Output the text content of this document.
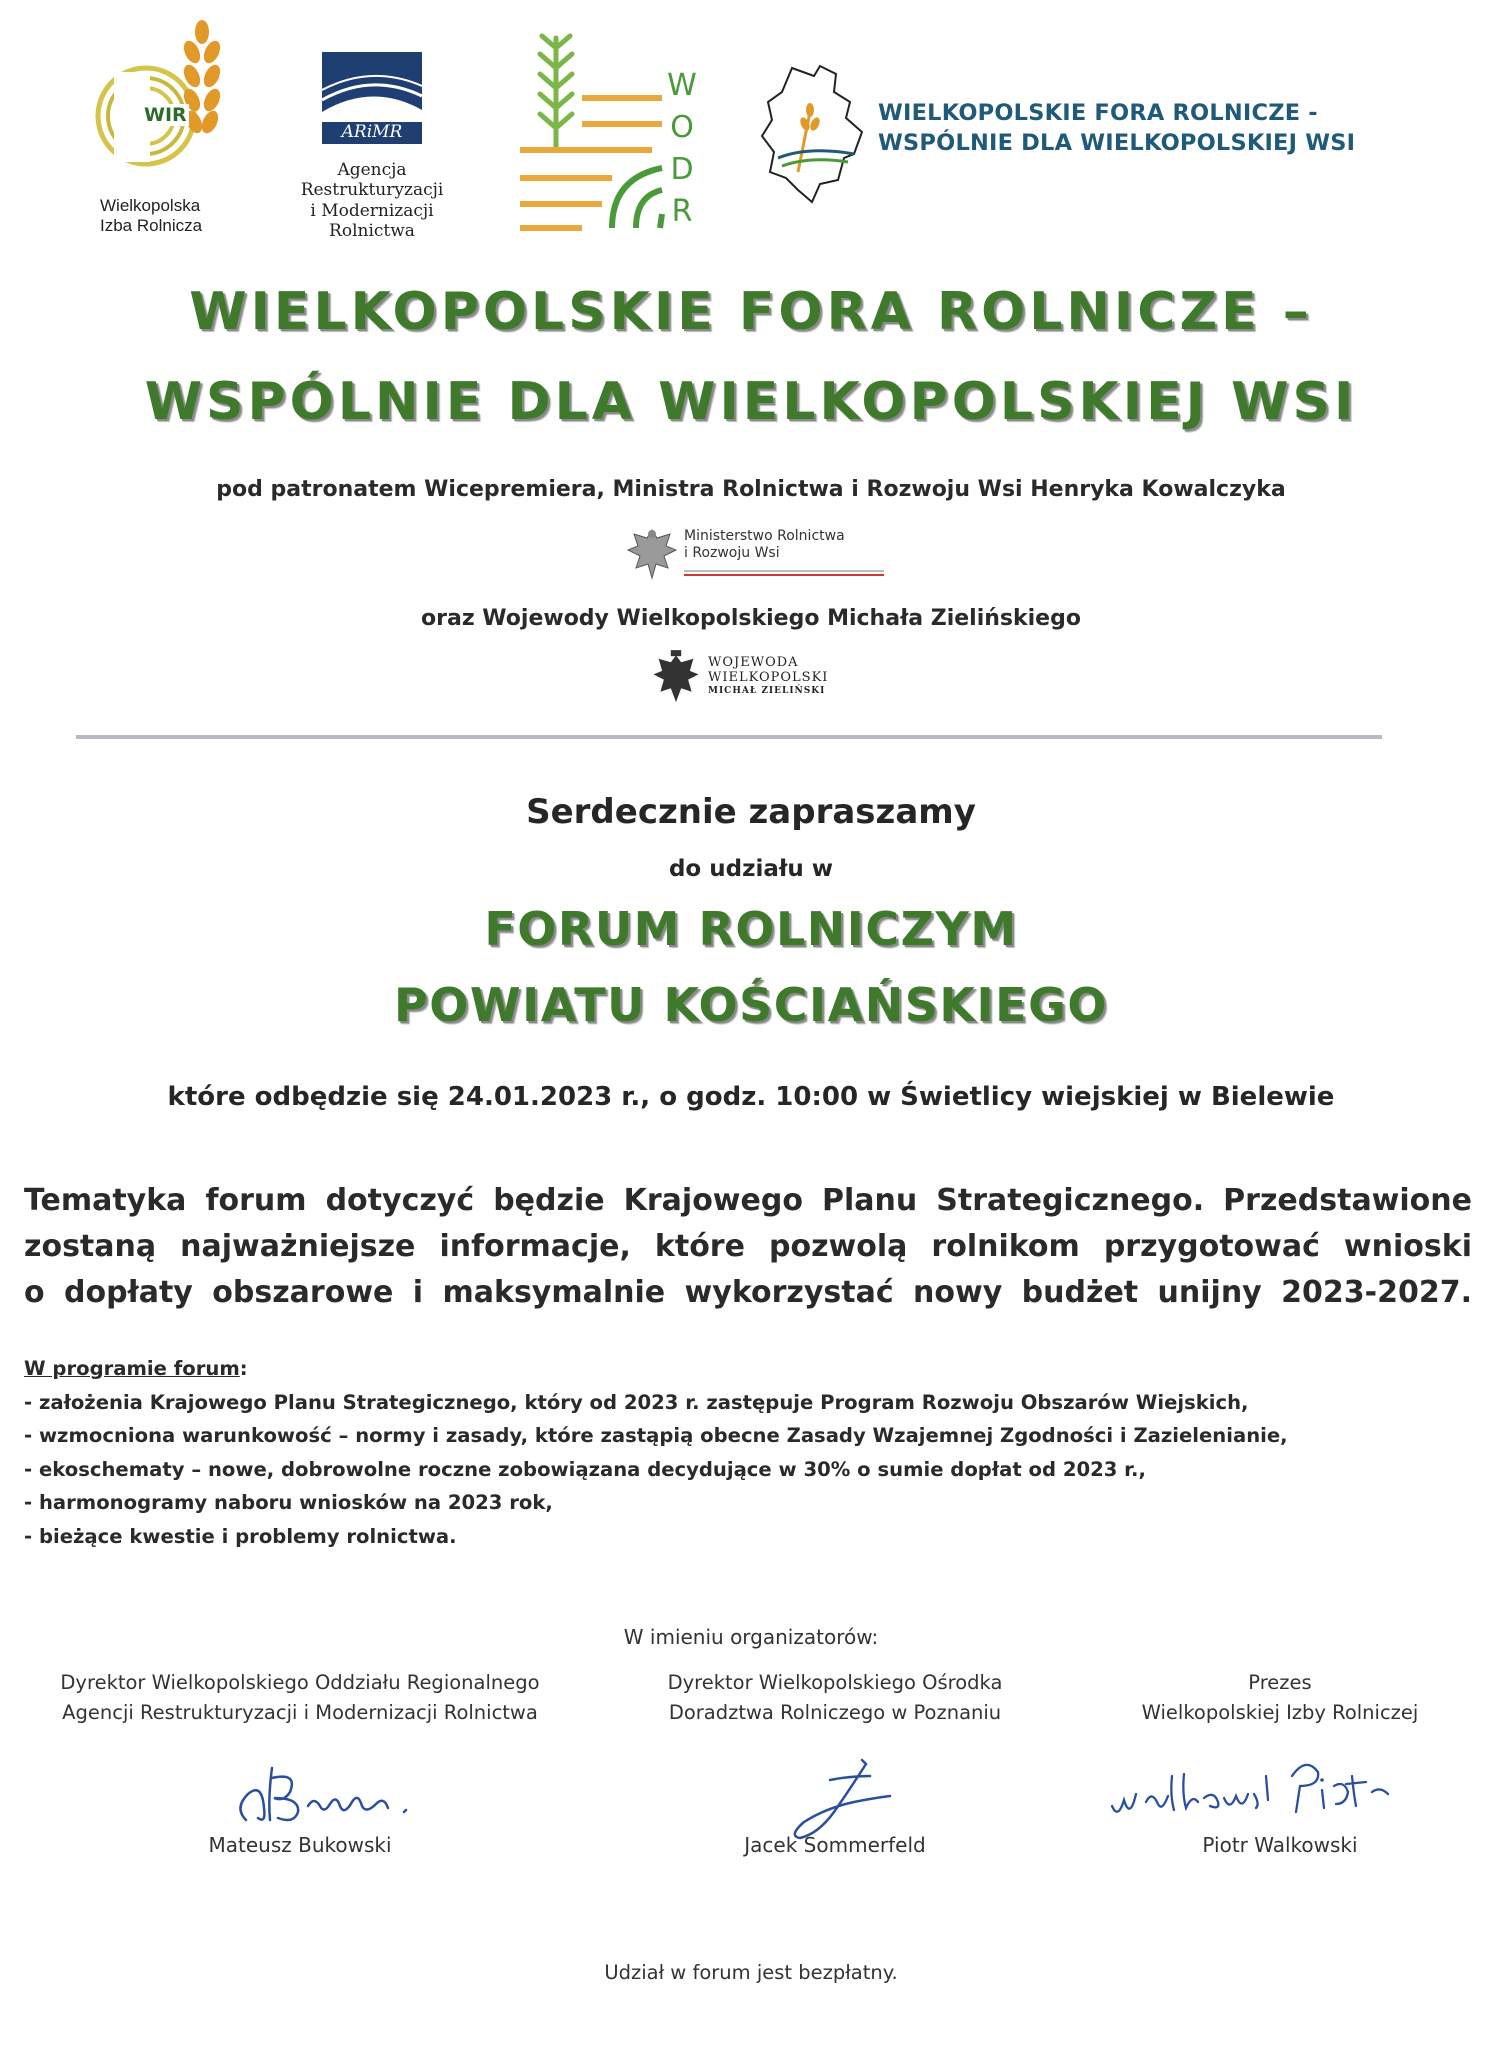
WIR
Wielkopolska
Izba Rolnicza
ARiMR
Agencja Restrukturyzacji
i Modernizacji Rolnictwa
W
O
D
R
WIELKOPOLSKIE FORA ROLNICZE -
WSPÓLNIE DLA WIELKOPOLSKIEJ WSI
WIELKOPOLSKIE FORA ROLNICZE –
WSPÓLNIE DLA WIELKOPOLSKIEJ WSI
pod patronatem Wicepremiera, Ministra Rolnictwa i Rozwoju Wsi Henryka Kowalczyka
Ministerstwo Rolnictwa
i Rozwoju Wsi
oraz Wojewody Wielkopolskiego Michała Zielińskiego
WOJEWODA
WIELKOPOLSKI
MICHAŁ ZIELIŃSKI
Serdecznie zapraszamy
do udziału w
FORUM ROLNICZYM
POWIATU KOŚCIAŃSKIEGO
które odbędzie się 24.01.2023 r., o godz. 10:00 w Świetlicy wiejskiej w Bielewie
Tematyka forum dotyczyć będzie Krajowego Planu Strategicznego. Przedstawione
zostaną najważniejsze informacje, które pozwolą rolnikom przygotować wnioski
o dopłaty obszarowe i maksymalnie wykorzystać nowy budżet unijny 2023-2027.
W programie forum:
- założenia Krajowego Planu Strategicznego, który od 2023 r. zastępuje Program Rozwoju Obszarów Wiejskich,
- wzmocniona warunkowość – normy i zasady, które zastąpią obecne Zasady Wzajemnej Zgodności i Zazielenianie,
- ekoschematy – nowe, dobrowolne roczne zobowiązana decydujące w 30% o sumie dopłat od 2023 r.,
- harmonogramy naboru wniosków na 2023 rok,
- bieżące kwestie i problemy rolnictwa.
W imieniu organizatorów:
Dyrektor Wielkopolskiego Oddziału Regionalnego
Agencji Restrukturyzacji i Modernizacji Rolnictwa
Dyrektor Wielkopolskiego Ośrodka
Doradztwa Rolniczego w Poznaniu
Prezes
Wielkopolskiej Izby Rolniczej
Mateusz Bukowski	Jacek Sommerfeld	Piotr Walkowski
Udział w forum jest bezpłatny.
